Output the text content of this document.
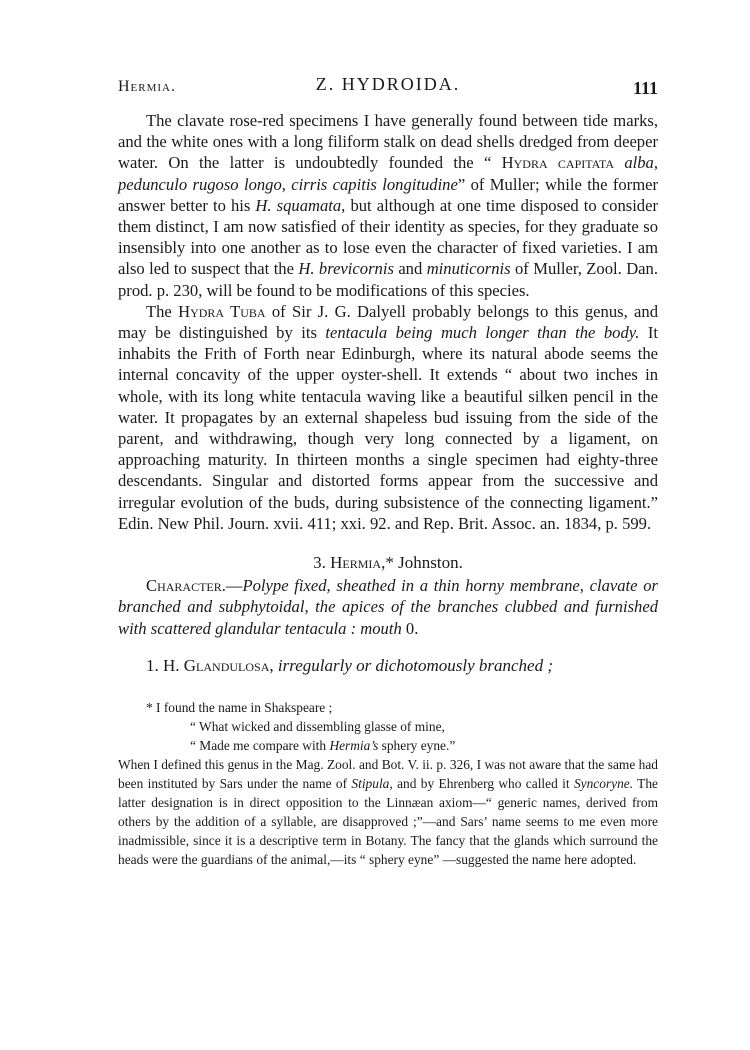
Hermia.	Z. HYDROIDA.	111

The clavate rose-red specimens I have generally found between tide marks, and the white ones with a long filiform stalk on dead shells dredged from deeper water. On the latter is undoubtedly founded the “ Hydra capitata alba, pedunculo rugoso longo, cirris capitis longitudine” of Muller; while the former answer better to his H. squamata, but although at one time disposed to consider them distinct, I am now satisfied of their identity as species, for they graduate so insensibly into one another as to lose even the character of fixed varieties. I am also led to suspect that the H. brevicornis and minuticornis of Muller, Zool. Dan. prod. p. 230, will be found to be modifications of this species.

The Hydra Tuba of Sir J. G. Dalyell probably belongs to this genus, and may be distinguished by its tentacula being much longer than the body. It inhabits the Frith of Forth near Edinburgh, where its natural abode seems the internal concavity of the upper oyster-shell. It extends “ about two inches in whole, with its long white tentacula waving like a beautiful silken pencil in the water. It propagates by an external shapeless bud issuing from the side of the parent, and withdrawing, though very long connected by a ligament, on approaching maturity. In thirteen months a single specimen had eighty-three descendants. Singular and distorted forms appear from the successive and irregular evolution of the buds, during subsistence of the connecting ligament.” Edin. New Phil. Journ. xvii. 411; xxi. 92. and Rep. Brit. Assoc. an. 1834, p. 599.

3. Hermia,* Johnston.

Character.—Polype fixed, sheathed in a thin horny membrane, clavate or branched and subphytoidal, the apices of the branches clubbed and furnished with scattered glandular tentacula : mouth 0.

1. H. Glandulosa, irregularly or dichotomously branched ;

* I found the name in Shakspeare ;

“ What wicked and dissembling glasse of mine,

“ Made me compare with Hermia’s sphery eyne.”

When I defined this genus in the Mag. Zool. and Bot. V. ii. p. 326, I was not aware that the same had been instituted by Sars under the name of Stipula, and by Ehrenberg who called it Syncoryne. The latter designation is in direct opposition to the Linnæan axiom—“ generic names, derived from others by the addition of a syllable, are disapproved ;”—and Sars’ name seems to me even more inadmissible, since it is a descriptive term in Botany. The fancy that the glands which surround the heads were the guardians of the animal,—its “ sphery eyne” —suggested the name here adopted.
